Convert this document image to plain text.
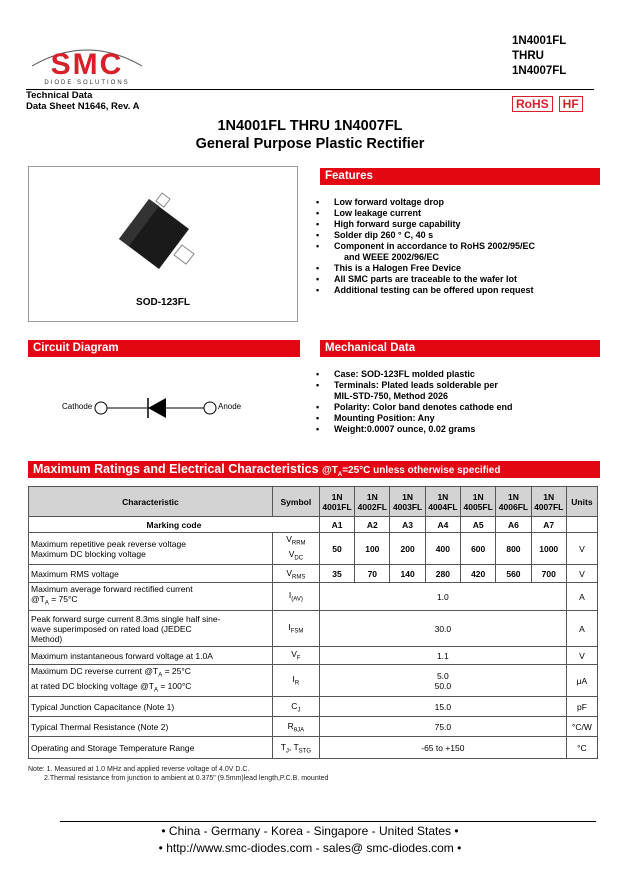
SMC
DIODE SOLUTIONS
1N4001FL
THRU
1N4007FL
Technical Data
Data Sheet N1646, Rev. A	RoHS	HF
1N4001FL THRU 1N4007FL
General Purpose Plastic Rectifier
SOD-123FL
Features
• Low forward voltage drop
• Low leakage current
• High forward surge capability
• Solder dip 260 ° C, 40 s
• Component in accordance to RoHS 2002/95/EC
and WEEE 2002/96/EC
• This is a Halogen Free Device
• All SMC parts are traceable to the wafer lot
• Additional testing can be offered upon request
Circuit Diagram
Cathode	Anode
Mechanical Data
• Case: SOD-123FL molded plastic
• Terminals: Plated leads solderable per
MIL-STD-750, Method 2026
• Polarity: Color band denotes cathode end
• Mounting Position: Any
• Weight:0.0007 ounce, 0.02 grams
Maximum Ratings and Electrical Characteristics $@T_A=25^\circ C$ unless otherwise specified
Characteristic	Symbol	1N
4001FL	1N
4002FL	1N
4003FL	1N
4004FL	1N
4005FL	1N
4006FL	1N
4007FL	Units
Marking code		A1	A2	A3	A4	A5	A6	A7	
Maximum repetitive peak reverse voltage
Maximum DC blocking voltage	$V_{RRM}$
$V_{DC}$	50	100	200	400	600	800	1000	V
Maximum RMS voltage	$V_{RMS}$	35	70	140	280	420	560	700	V
Maximum average forward rectified current
$@T_A = 75^\circ C$	$I_{(AV)}$	1.0							A
Peak forward surge current 8.3ms single half sine-
wave superimposed on rated load (JEDEC
Method)	$I_{FSM}$	30.0							A
Maximum instantaneous forward voltage at 1.0A	$V_F$	1.1							V
Maximum DC reverse current $@T_A = 25^\circ C$
at rated DC blocking voltage $@T_A = 100^\circ C$	$I_R$	5.0
50.0							μA
Typical Junction Capacitance (Note 1)	$C_J$	15.0							pF
Typical Thermal Resistance (Note 2)	$R_{\theta JA}$	75.0							°C/W
Operating and Storage Temperature Range	$T_J$, $T_{STG}$	-65 to +150							°C
Note: 1. Measured at 1.0 MHz and applied reverse voltage of 4.0V D.C.
2.Thermal resistance from junction to ambient at 0.375" (9.5mm)lead length,P.C.B. mounted
• China - Germany - Korea - Singapore - United States •
• http://www.smc-diodes.com - sales@ smc-diodes.com •
